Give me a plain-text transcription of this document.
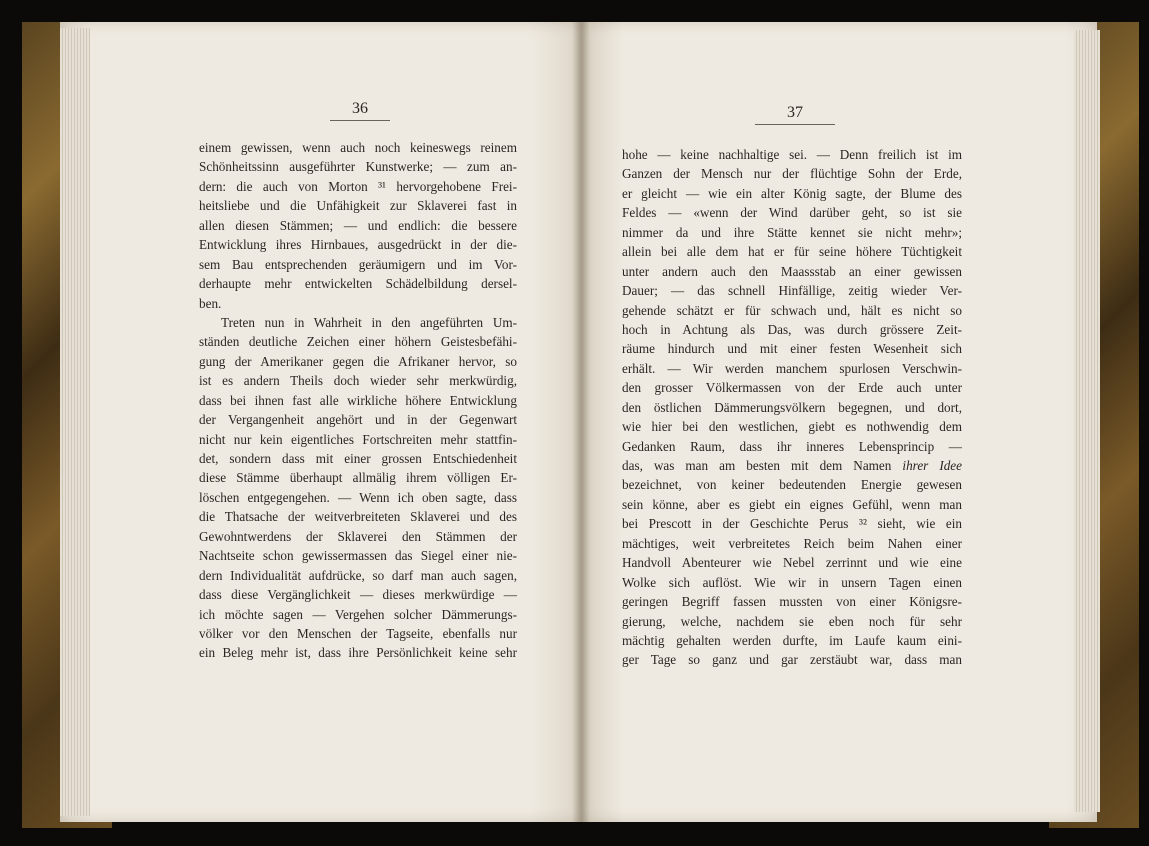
36	37
einem gewissen, wenn auch noch keineswegs reinem
Schönheitssinn ausgeführter Kunstwerke; — zum an-
dern: die auch von Morton ³¹ hervorgehobene Frei-
heitsliebe und die Unfähigkeit zur Sklaverei fast in
allen diesen Stämmen; — und endlich: die bessere
Entwicklung ihres Hirnbaues, ausgedrückt in der die-
sem Bau entsprechenden geräumigern und im Vor-
derhaupte mehr entwickelten Schädelbildung dersel-
ben.
Treten nun in Wahrheit in den angeführten Um-
ständen deutliche Zeichen einer höhern Geistesbefähi-
gung der Amerikaner gegen die Afrikaner hervor, so
ist es andern Theils doch wieder sehr merkwürdig,
dass bei ihnen fast alle wirkliche höhere Entwicklung
der Vergangenheit angehört und in der Gegenwart
nicht nur kein eigentliches Fortschreiten mehr stattfin-
det, sondern dass mit einer grossen Entschiedenheit
diese Stämme überhaupt allmälig ihrem völligen Er-
löschen entgegengehen. — Wenn ich oben sagte, dass
die Thatsache der weitverbreiteten Sklaverei und des
Gewohntwerdens der Sklaverei den Stämmen der
Nachtseite schon gewissermassen das Siegel einer nie-
dern Individualität aufdrücke, so darf man auch sagen,
dass diese Vergänglichkeit — dieses merkwürdige —
ich möchte sagen — Vergehen solcher Dämmerungs-
völker vor den Menschen der Tagseite, ebenfalls nur
ein Beleg mehr ist, dass ihre Persönlichkeit keine sehr
hohe — keine nachhaltige sei. — Denn freilich ist im
Ganzen der Mensch nur der flüchtige Sohn der Erde,
er gleicht — wie ein alter König sagte, der Blume des
Feldes — «wenn der Wind darüber geht, so ist sie
nimmer da und ihre Stätte kennet sie nicht mehr»;
allein bei alle dem hat er für seine höhere Tüchtigkeit
unter andern auch den Maassstab an einer gewissen
Dauer; — das schnell Hinfällige, zeitig wieder Ver-
gehende schätzt er für schwach und, hält es nicht so
hoch in Achtung als Das, was durch grössere Zeit-
räume hindurch und mit einer festen Wesenheit sich
erhält. — Wir werden manchem spurlosen Verschwin-
den grosser Völkermassen von der Erde auch unter
den östlichen Dämmerungsvölkern begegnen, und dort,
wie hier bei den westlichen, giebt es nothwendig dem
Gedanken Raum, dass ihr inneres Lebensprincip —
das, was man am besten mit dem Namen ihrer Idee
bezeichnet, von keiner bedeutenden Energie gewesen
sein könne, aber es giebt ein eignes Gefühl, wenn man
bei Prescott in der Geschichte Perus ³² sieht, wie ein
mächtiges, weit verbreitetes Reich beim Nahen einer
Handvoll Abenteurer wie Nebel zerrinnt und wie eine
Wolke sich auflöst. Wie wir in unsern Tagen einen
geringen Begriff fassen mussten von einer Königsre-
gierung, welche, nachdem sie eben noch für sehr
mächtig gehalten werden durfte, im Laufe kaum eini-
ger Tage so ganz und gar zerstäubt war, dass man
